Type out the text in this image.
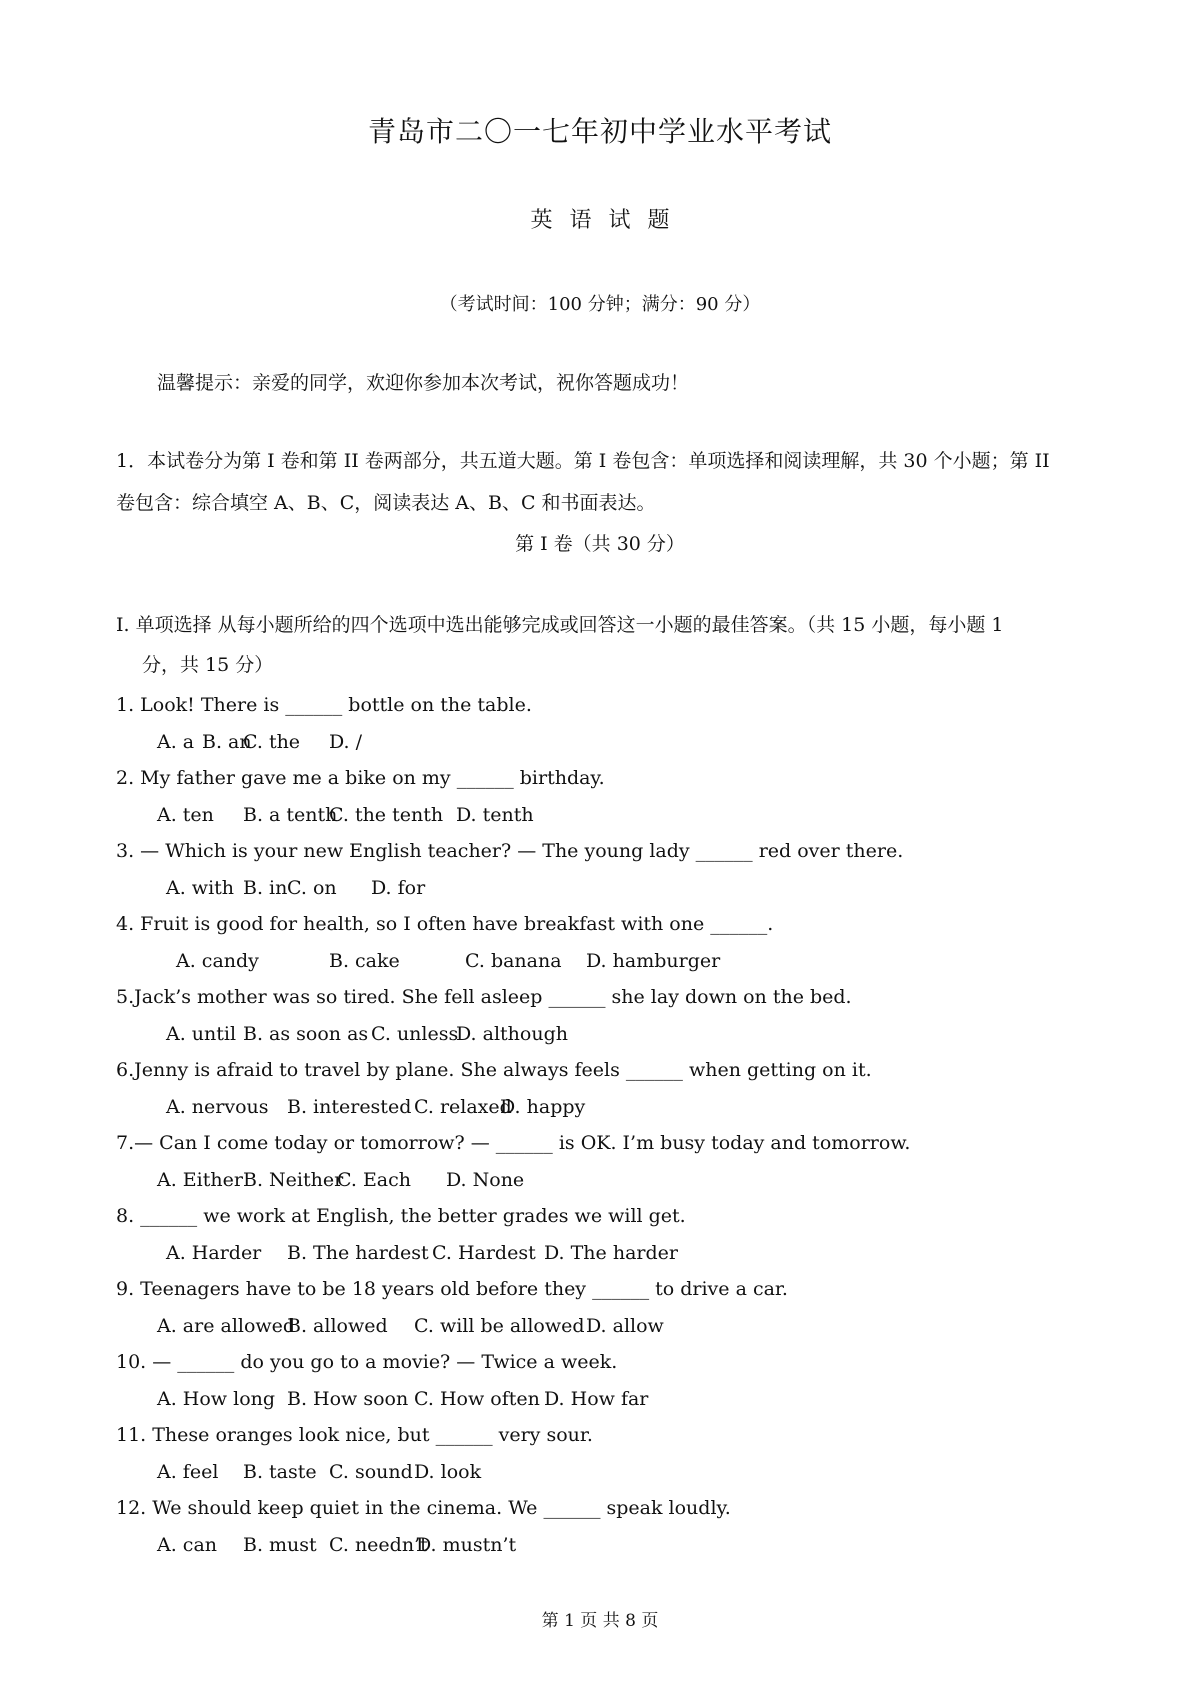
青岛市二〇一七年初中学业水平考试
英 语 试 题
（考试时间：100 分钟；满分：90 分）
温馨提示：亲爱的同学，欢迎你参加本次考试，祝你答题成功！
1．本试卷分为第 I 卷和第 II 卷两部分，共五道大题。第 I 卷包含：单项选择和阅读理解，共 30 个小题；第 II
卷包含：综合填空 A、B、C，阅读表达 A、B、C 和书面表达。
第 I 卷（共 30 分）
I. 单项选择 从每小题所给的四个选项中选出能够完成或回答这一小题的最佳答案。（共 15 小题，每小题 1
分，共 15 分）
1. Look! There is ______ bottle on the table.
A. a B. an
C. the D. /
2. My father gave me a bike on my ______ birthday.
A. ten B. a tenth
C. the tenth D. tenth
3. — Which is your new English teacher? — The young lady ______ red over there.
A. with B. in C. on D. for
4. Fruit is good for health, so I often have breakfast with one ______.
A. candy	B. cake	C. banana D. hamburger
5.Jack’s mother was so tired. She fell asleep ______ she lay down on the bed.
A. until B. as soon as C. unless
D. although
6.Jenny is afraid to travel by plane. She always feels ______ when getting on it.
A. nervous B. interested C. relaxed
D. happy
7.— Can I come today or tomorrow? — ______ is OK. I’m busy today and tomorrow.
A. Either B. Neither
C. Each D. None
8. ______ we work at English, the better grades we will get.
A. Harder B. The hardest C. Hardest D. The harder
9. Teenagers have to be 18 years old before they ______ to drive a car.
A. are allowed
B. allowed C. will be allowed D. allow
10. — ______ do you go to a movie? — Twice a week.
A. How long B. How soon C. How often D. How far
11. These oranges look nice, but ______ very sour.
A. feel B. taste C. sound D. look
12. We should keep quiet in the cinema. We ______ speak loudly.
A. can B. must C. needn’t
D. mustn’t
第 1 页 共 8 页
